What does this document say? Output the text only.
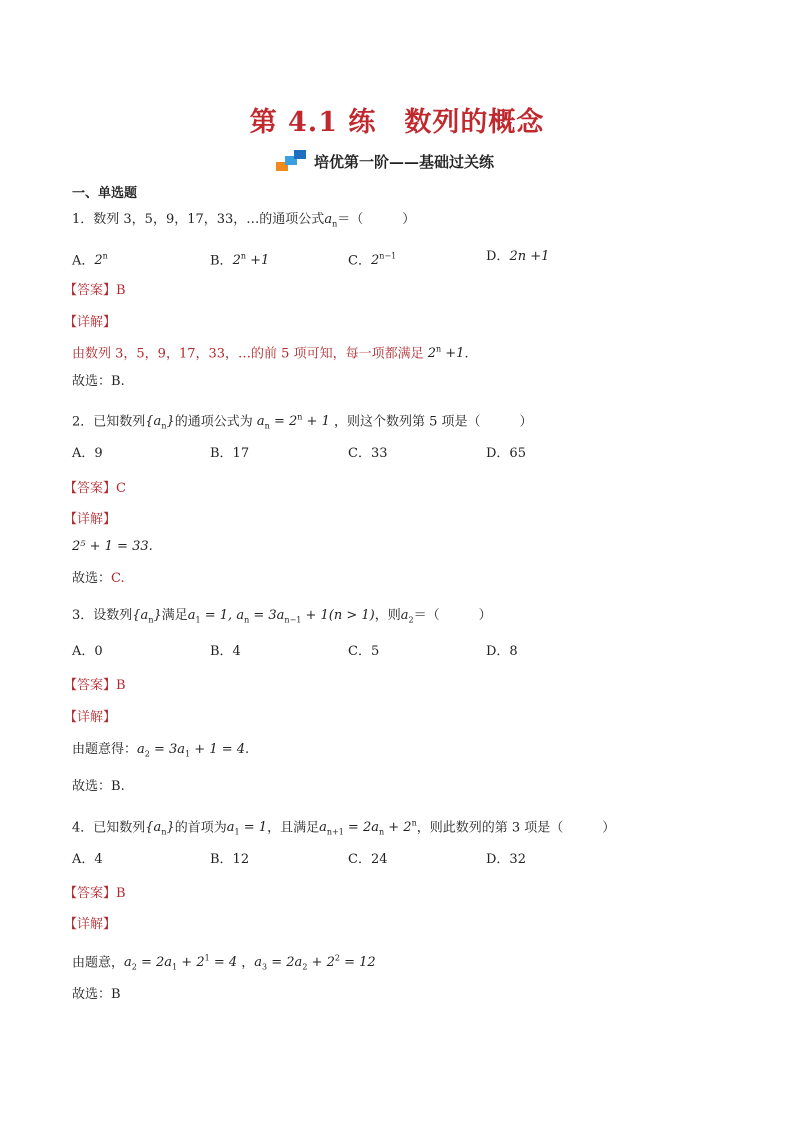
第 4.1 练 数列的概念
培优第一阶——基础过关练
一、单选题
1．数列 3，5，9，17，33，…的通项公式$a_n=$（　　　）
A．2$^n$	B．$2^n +1$	C．$2^{n-1}$	D．2n +1
【答案】B
【详解】
由数列 3，5，9，17，33，…的前 5 项可知，每一项都满足 $2^n +1$.
故选：B.
2．已知数列$\{a_n\}$的通项公式为 $a_n = 2^n + 1$ ，则这个数列第 5 项是（　　　）
A．9	B．17	C．33	D．65
【答案】C
【详解】
2⁵ + 1 = 33.
故选：C.
3．设数列$\{a_n\}$满足$a_1 = 1$, $a_n = 3a_{n-1} + 1(n > 1)$，则$a_2=$（　　　）
A．0	B．4	C．5	D．8
【答案】B
【详解】
由题意得：$a_2 = 3a_1 + 1 = 4$.
故选：B.
4．已知数列$\{a_n\}$的首项为$a_1 = 1$，且满足$a_{n+1} = 2a_n + 2^n$，则此数列的第 3 项是（　　　）
A．4	B．12	C．24	D．32
【答案】B
【详解】
由题意，$a_2 = 2a_1 + 2^1 = 4$ ，$a_3 = 2a_2 + 2^2 = 12$
故选：B
